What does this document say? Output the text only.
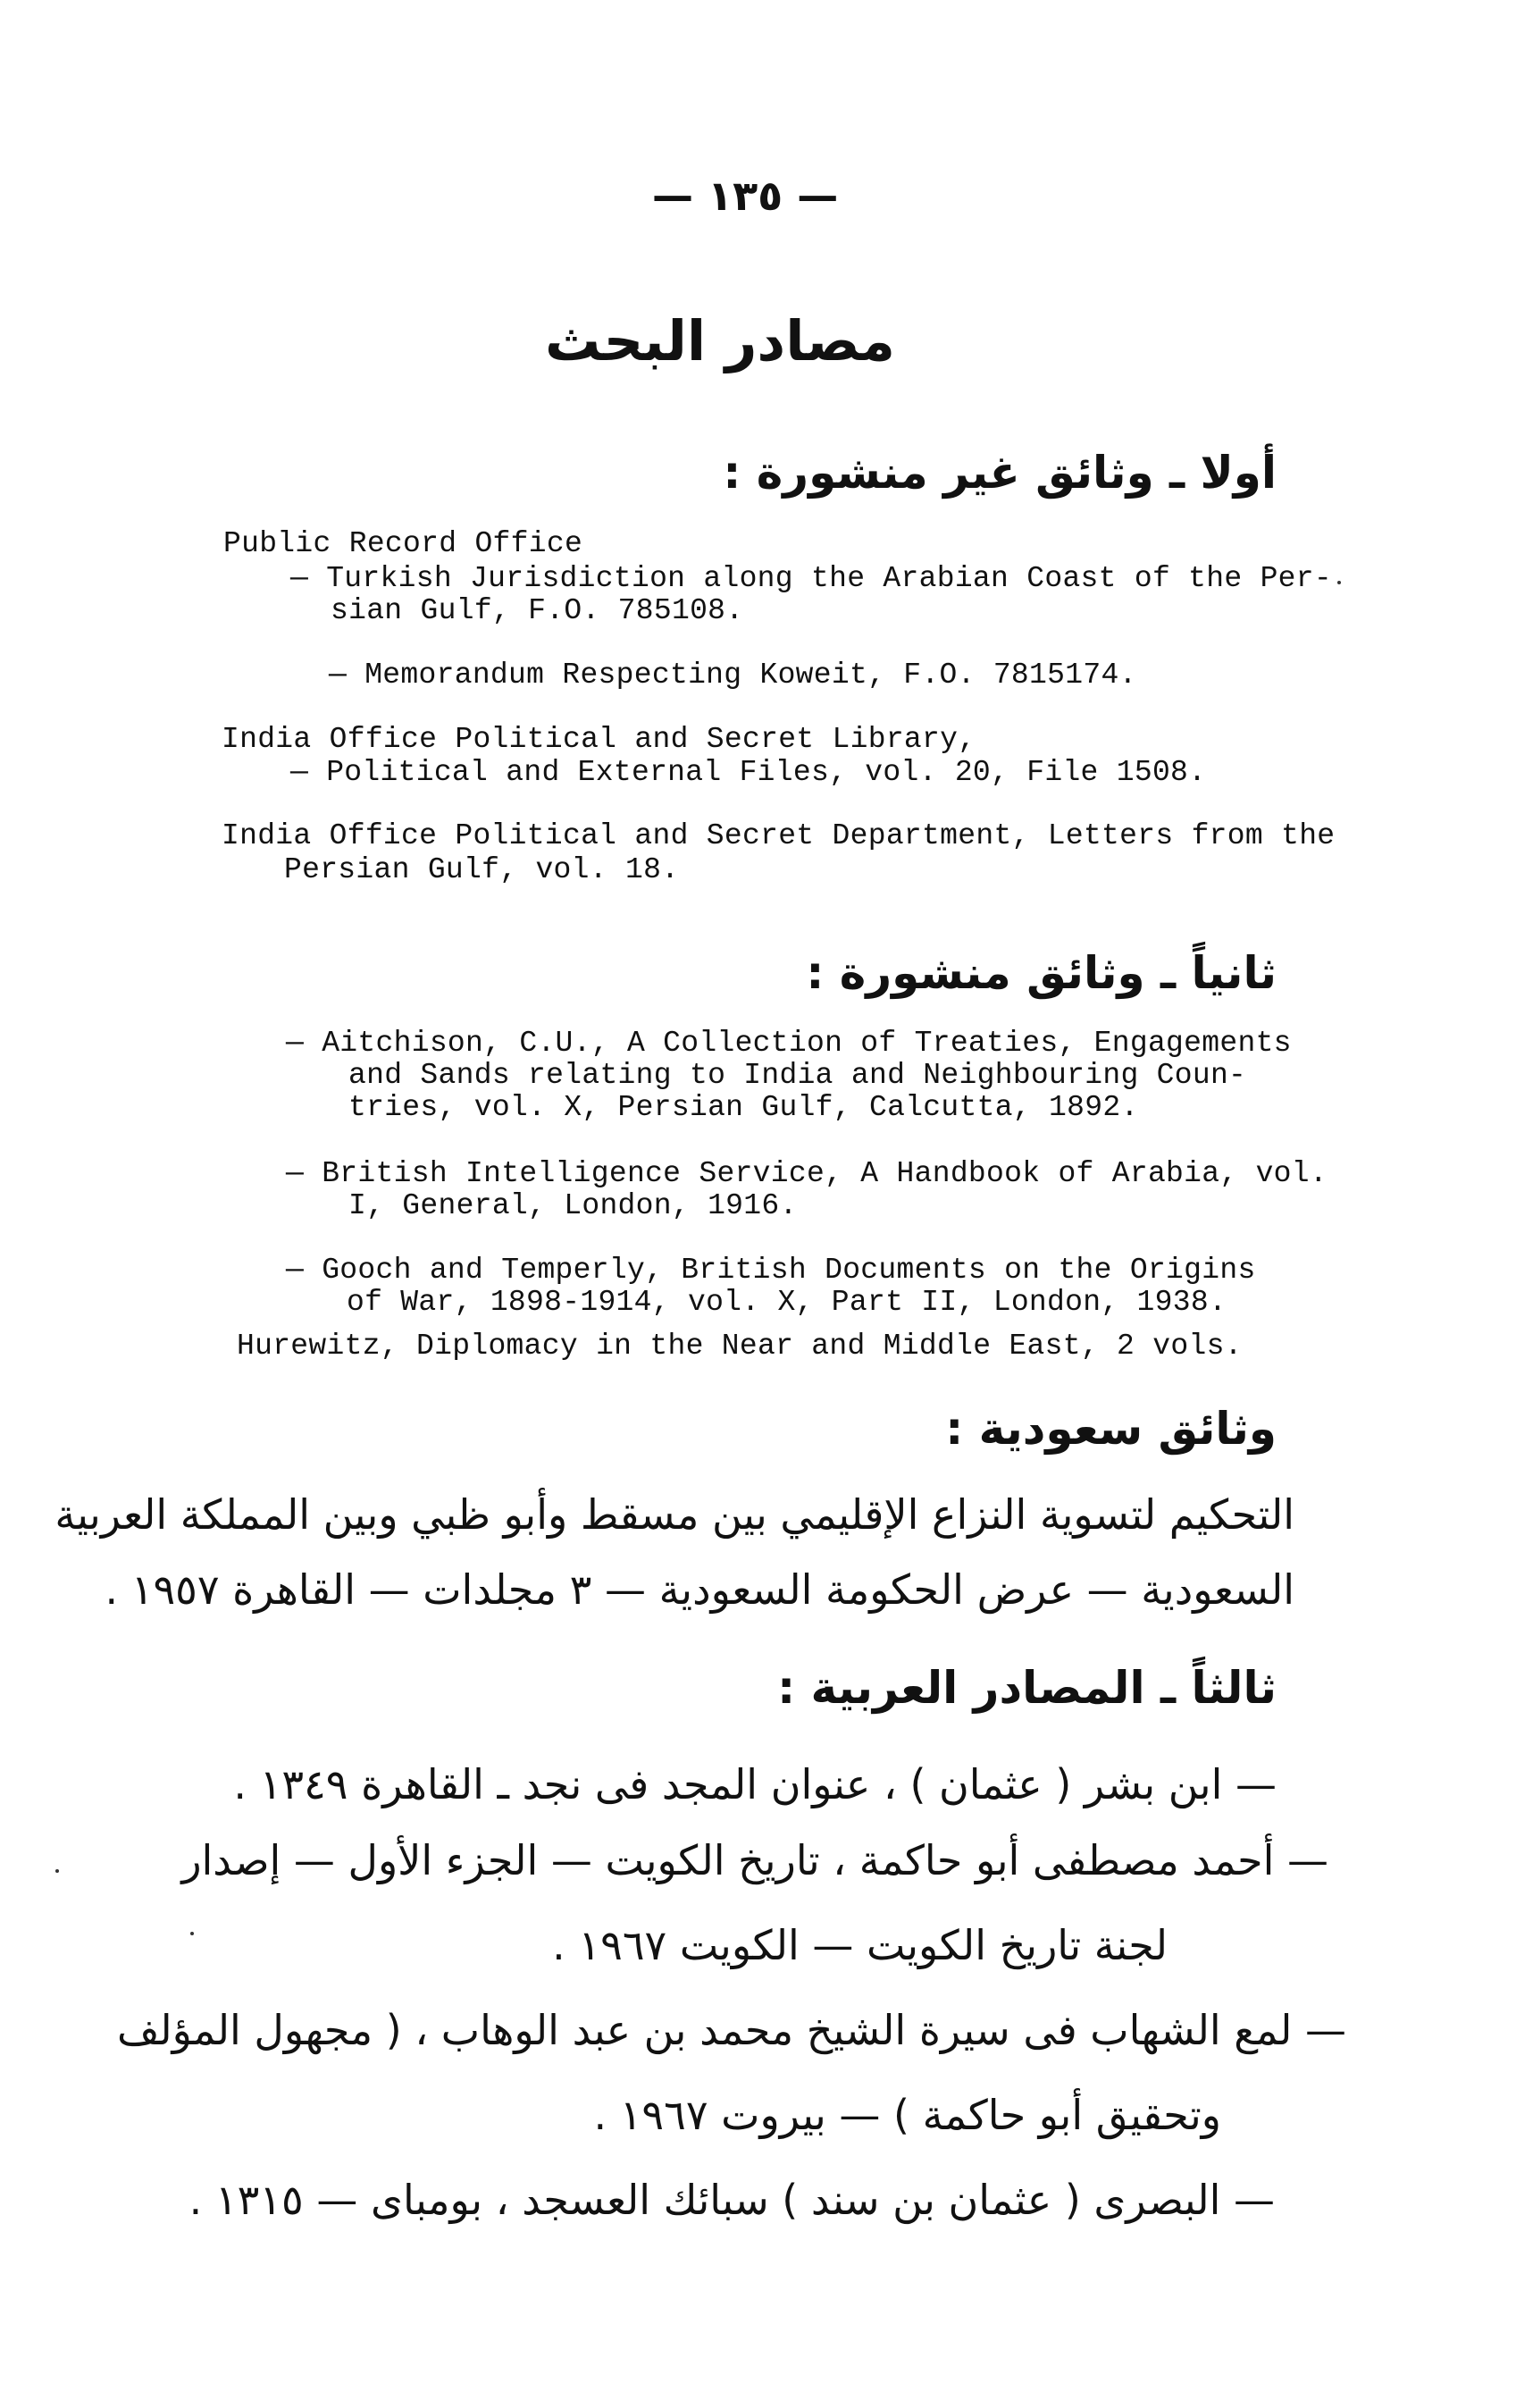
— ١٣٥ —
مصادر البحث
أولا ـ وثائق غير منشورة :
Public Record Office
— Turkish Jurisdiction along the Arabian Coast of the Per-
sian Gulf, F.O. 785108.
— Memorandum Respecting Koweit, F.O. 7815174.
India Office Political and Secret Library,
— Political and External Files, vol. 20, File 1508.
India Office Political and Secret Department, Letters from the
Persian Gulf, vol. 18.
ثانياً ـ وثائق منشورة :
— Aitchison, C.U., A Collection of Treaties, Engagements
and Sands relating to India and Neighbouring Coun-
tries, vol. X, Persian Gulf, Calcutta, 1892.
— British Intelligence Service, A Handbook of Arabia, vol.
I, General, London, 1916.
— Gooch and Temperly, British Documents on the Origins
of War, 1898-1914, vol. X, Part II, London, 1938.
Hurewitz, Diplomacy in the Near and Middle East, 2 vols.
وثائق سعودية :
التحكيم لتسوية النزاع الإقليمي بين مسقط وأبو ظبي وبين المملكة العربية
السعودية — عرض الحكومة السعودية — ٣ مجلدات — القاهرة ١٩٥٧ .
ثالثاً ـ المصادر العربية :
— ابن بشر ( عثمان ) ، عنوان المجد فى نجد ـ القاهرة ١٣٤٩ .
— أحمد مصطفى أبو حاكمة ، تاريخ الكويت — الجزء الأول — إصدار
لجنة تاريخ الكويت — الكويت ١٩٦٧ .
— لمع الشهاب فى سيرة الشيخ محمد بن عبد الوهاب ، ( مجهول المؤلف
وتحقيق أبو حاكمة ) — بيروت ١٩٦٧ .
— البصرى ( عثمان بن سند ) سبائك العسجد ، بومباى — ١٣١٥ .
